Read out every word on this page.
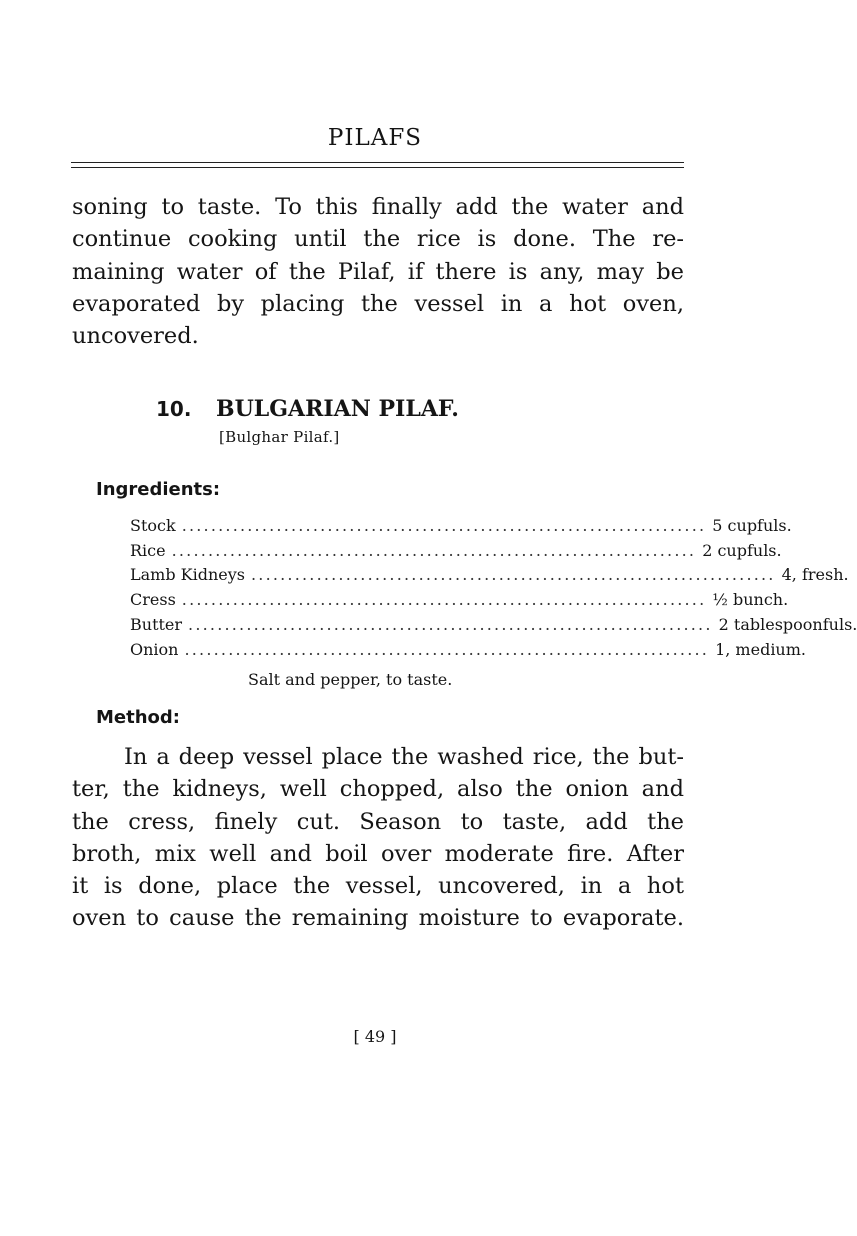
PILAFS

soning to taste. To this finally add the water and
continue cooking until the rice is done. The re-
maining water of the Pilaf, if there is any, may be
evaporated by placing the vessel in a hot oven,
uncovered.

10. BULGARIAN PILAF.
[Bulghar Pilaf.]
Ingredients:
Stock ........................................................................ 5 cupfuls.
Rice ........................................................................ 2 cupfuls.
Lamb Kidneys ........................................................................ 4, fresh.
Cress ........................................................................ ½ bunch.
Butter ........................................................................ 2 tablespoonfuls.
Onion ........................................................................ 1, medium.
Salt and pepper, to taste.
Method:

In a deep vessel place the washed rice, the but-
ter, the kidneys, well chopped, also the onion and
the cress, finely cut. Season to taste, add the
broth, mix well and boil over moderate fire. After
it is done, place the vessel, uncovered, in a hot
oven to cause the remaining moisture to evaporate.

[ 49 ]
